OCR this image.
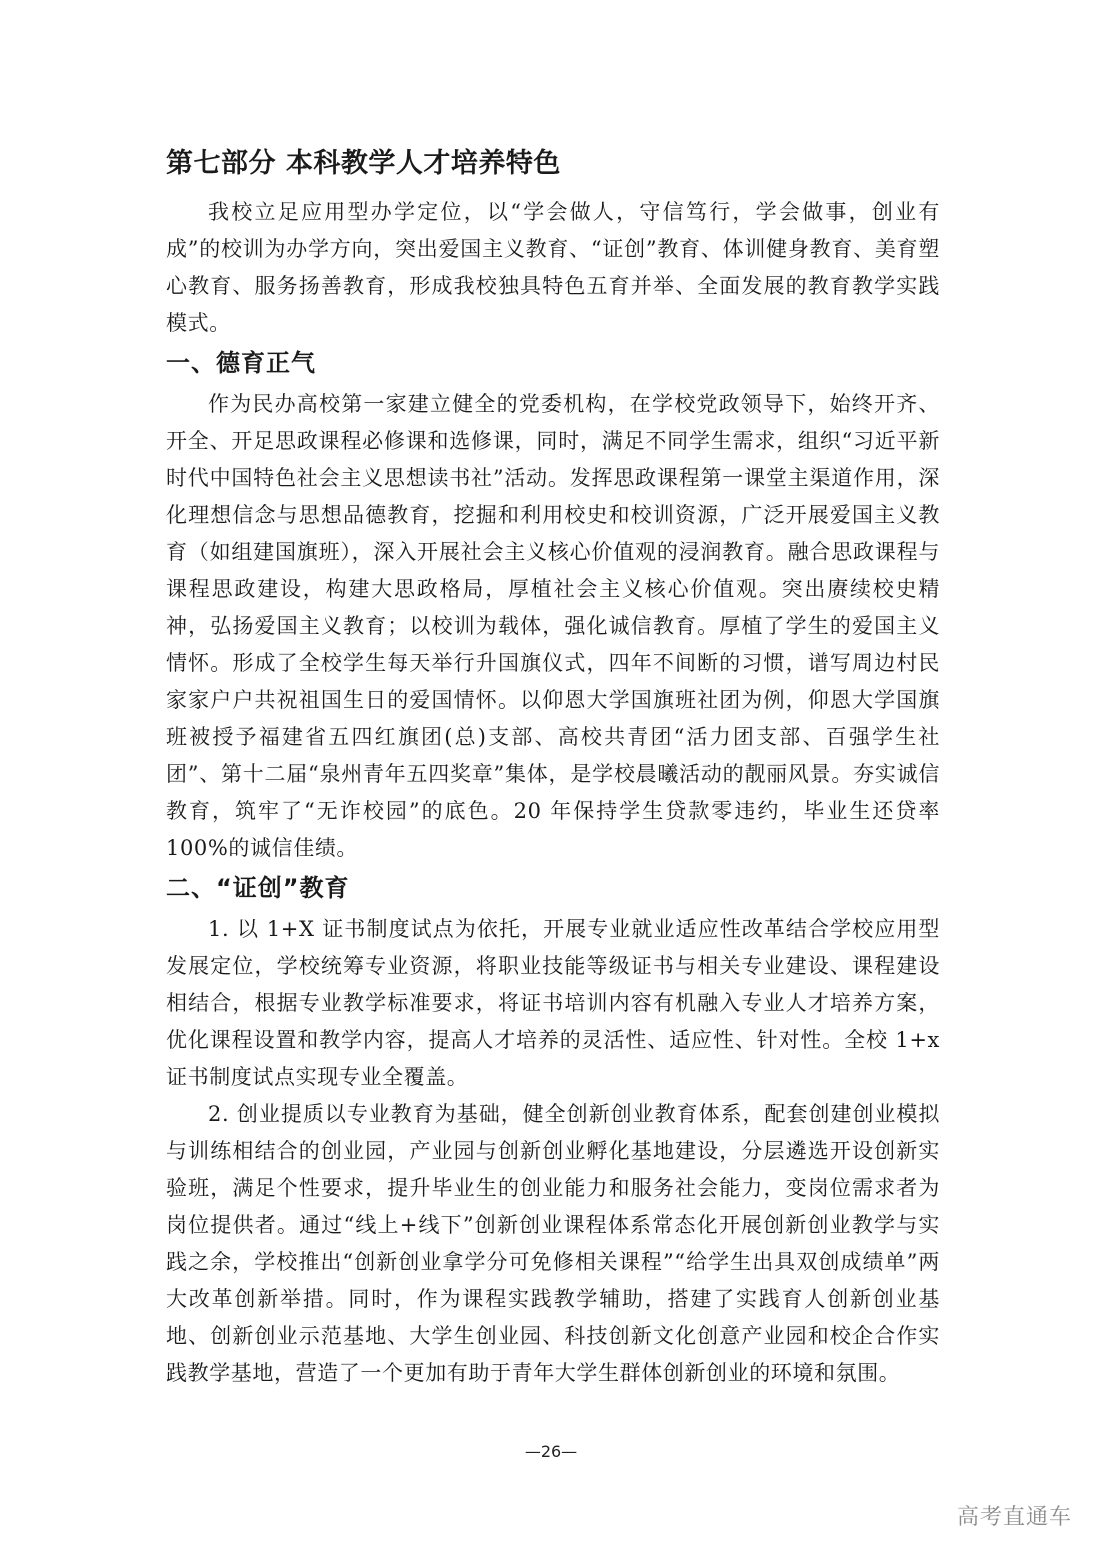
第七部分 本科教学人才培养特色

我校立足应用型办学定位，以“学会做人，守信笃行，学会做事，创业有成”的校训为办学方向，突出爱国主义教育、“证创”教育、体训健身教育、美育塑心教育、服务扬善教育，形成我校独具特色五育并举、全面发展的教育教学实践模式。

一、德育正气

作为民办高校第一家建立健全的党委机构，在学校党政领导下，始终开齐、开全、开足思政课程必修课和选修课，同时，满足不同学生需求，组织“习近平新时代中国特色社会主义思想读书社”活动。发挥思政课程第一课堂主渠道作用，深化理想信念与思想品德教育，挖掘和利用校史和校训资源，广泛开展爱国主义教育（如组建国旗班），深入开展社会主义核心价值观的浸润教育。融合思政课程与课程思政建设，构建大思政格局，厚植社会主义核心价值观。突出赓续校史精神，弘扬爱国主义教育；以校训为载体，强化诚信教育。厚植了学生的爱国主义情怀。形成了全校学生每天举行升国旗仪式，四年不间断的习惯，谱写周边村民家家户户共祝祖国生日的爱国情怀。以仰恩大学国旗班社团为例，仰恩大学国旗班被授予福建省五四红旗团(总)支部、高校共青团“活力团支部、百强学生社团”、第十二届“泉州青年五四奖章”集体，是学校晨曦活动的靓丽风景。夯实诚信教育，筑牢了“无诈校园”的底色。20 年保持学生贷款零违约，毕业生还贷率 100%的诚信佳绩。

二、“证创”教育

1. 以 1+X 证书制度试点为依托，开展专业就业适应性改革结合学校应用型发展定位，学校统筹专业资源，将职业技能等级证书与相关专业建设、课程建设相结合，根据专业教学标准要求，将证书培训内容有机融入专业人才培养方案，优化课程设置和教学内容，提高人才培养的灵活性、适应性、针对性。全校 1+x 证书制度试点实现专业全覆盖。

2. 创业提质以专业教育为基础，健全创新创业教育体系，配套创建创业模拟与训练相结合的创业园，产业园与创新创业孵化基地建设，分层遴选开设创新实验班，满足个性要求，提升毕业生的创业能力和服务社会能力，变岗位需求者为岗位提供者。通过“线上+线下”创新创业课程体系常态化开展创新创业教学与实践之余，学校推出“创新创业拿学分可免修相关课程”“给学生出具双创成绩单”两大改革创新举措。同时，作为课程实践教学辅助，搭建了实践育人创新创业基地、创新创业示范基地、大学生创业园、科技创新文化创意产业园和校企合作实践教学基地，营造了一个更加有助于青年大学生群体创新创业的环境和氛围。

—26—
高考直通车
